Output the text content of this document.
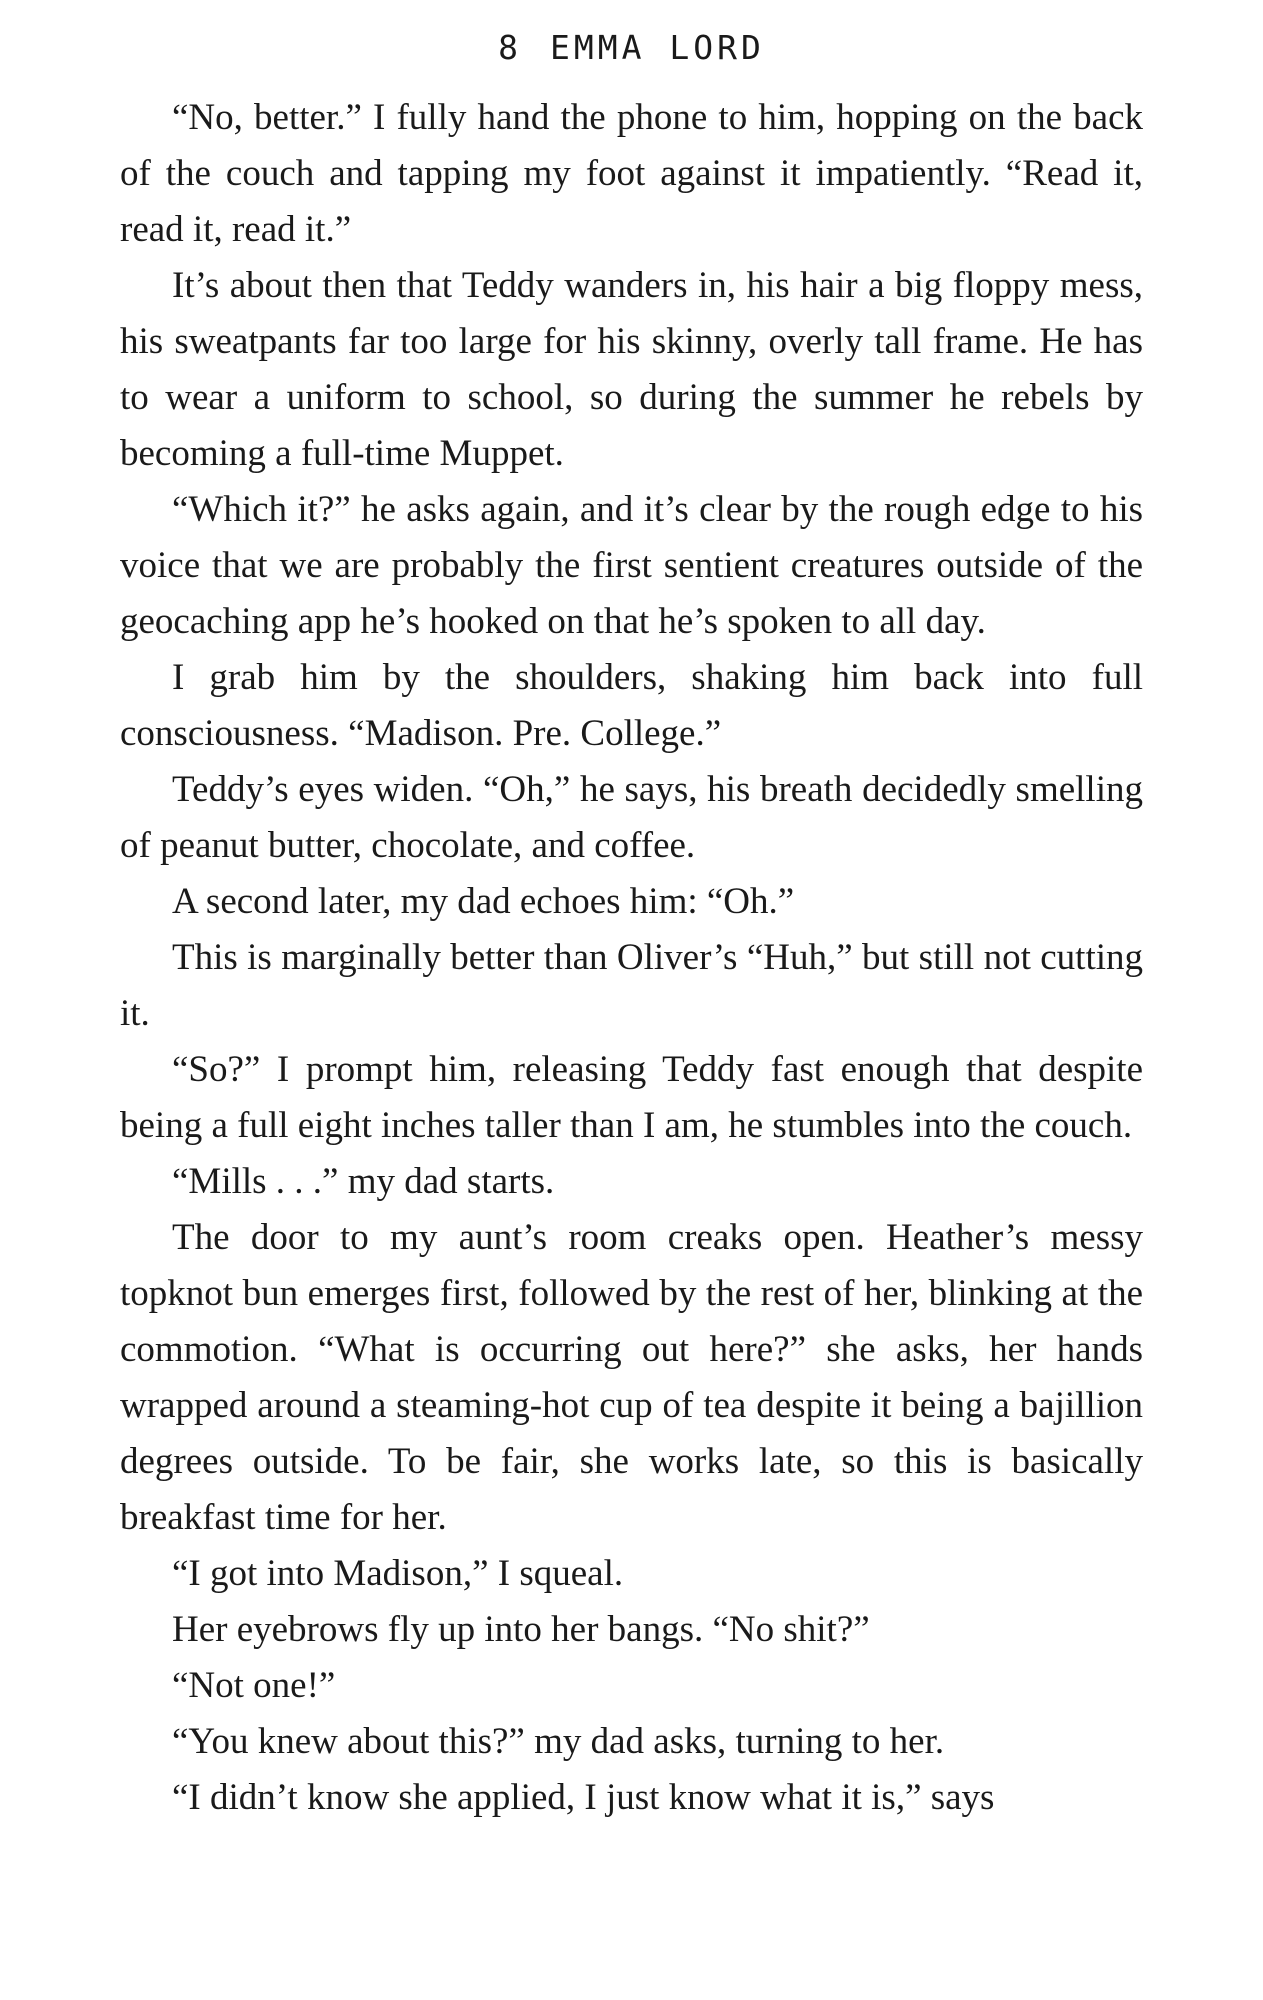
8 EMMA LORD

“No, better.” I fully hand the phone to him, hopping on the back of the couch and tapping my foot against it impatiently. “Read it, read it, read it.”

It’s about then that Teddy wanders in, his hair a big floppy mess, his sweatpants far too large for his skinny, overly tall frame. He has to wear a uniform to school, so during the summer he rebels by becoming a full-time Muppet.

“Which it?” he asks again, and it’s clear by the rough edge to his voice that we are probably the first sentient creatures outside of the geocaching app he’s hooked on that he’s spoken to all day.

I grab him by the shoulders, shaking him back into full consciousness. “Madison. Pre. College.”

Teddy’s eyes widen. “Oh,” he says, his breath decidedly smelling of peanut butter, chocolate, and coffee.

A second later, my dad echoes him: “Oh.”

This is marginally better than Oliver’s “Huh,” but still not cutting it.

“So?” I prompt him, releasing Teddy fast enough that despite being a full eight inches taller than I am, he stumbles into the couch.

“Mills . . .” my dad starts.

The door to my aunt’s room creaks open. Heather’s messy topknot bun emerges first, followed by the rest of her, blinking at the commotion. “What is occurring out here?” she asks, her hands wrapped around a steaming-hot cup of tea despite it being a bajillion degrees outside. To be fair, she works late, so this is basically breakfast time for her.

“I got into Madison,” I squeal.

Her eyebrows fly up into her bangs. “No shit?”

“Not one!”

“You knew about this?” my dad asks, turning to her.

“I didn’t know she applied, I just know what it is,” says
